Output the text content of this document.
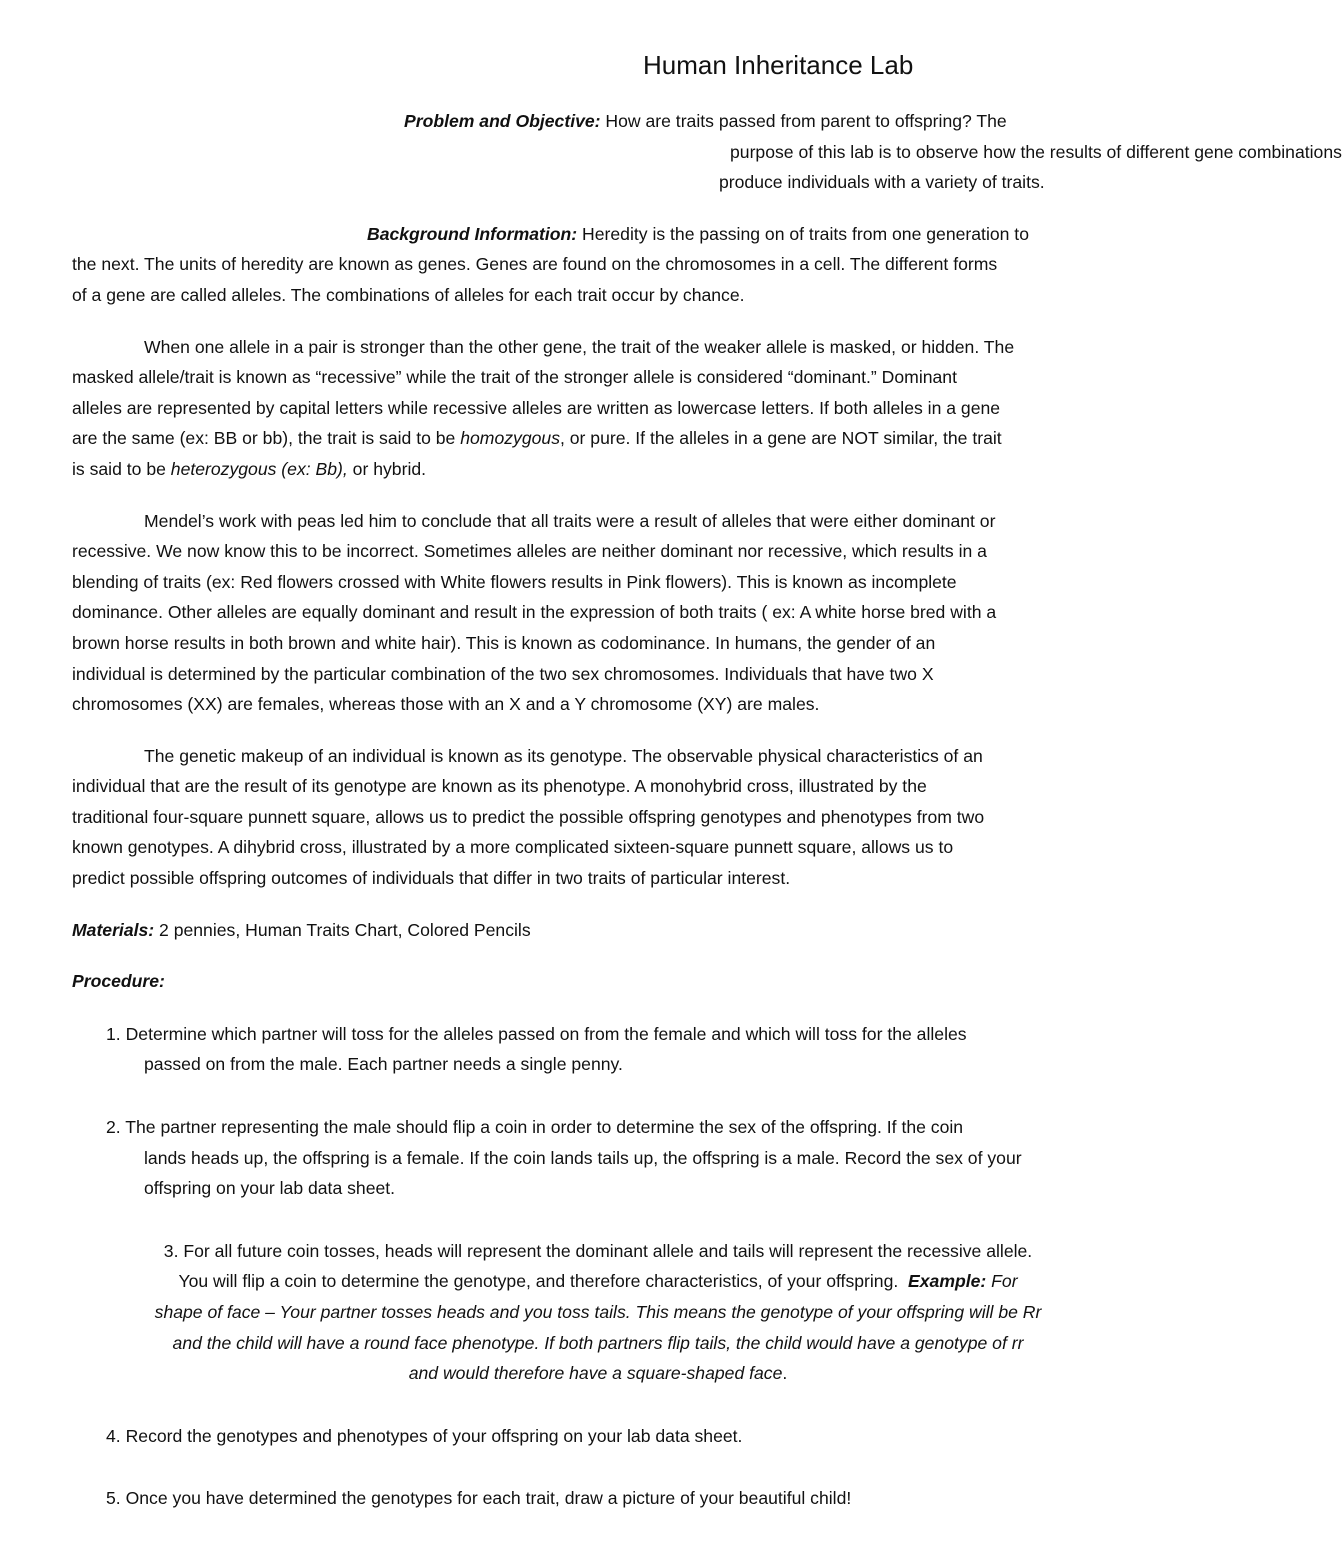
Human Inheritance Lab

Problem and Objective: How are traits passed from parent to offspring? The
purpose of this lab is to observe how the results of different gene combinations
produce individuals with a variety of traits.

Background Information: Heredity is the passing on of traits from one generation to
the next. The units of heredity are known as genes. Genes are found on the chromosomes in a cell. The different forms
of a gene are called alleles. The combinations of alleles for each trait occur by chance.

When one allele in a pair is stronger than the other gene, the trait of the weaker allele is masked, or hidden. The
masked allele/trait is known as “recessive” while the trait of the stronger allele is considered “dominant.” Dominant
alleles are represented by capital letters while recessive alleles are written as lowercase letters. If both alleles in a gene
are the same (ex: BB or bb), the trait is said to be homozygous, or pure. If the alleles in a gene are NOT similar, the trait
is said to be heterozygous (ex: Bb), or hybrid.

Mendel’s work with peas led him to conclude that all traits were a result of alleles that were either dominant or
recessive. We now know this to be incorrect. Sometimes alleles are neither dominant nor recessive, which results in a
blending of traits (ex: Red flowers crossed with White flowers results in Pink flowers). This is known as incomplete
dominance. Other alleles are equally dominant and result in the expression of both traits ( ex: A white horse bred with a
brown horse results in both brown and white hair). This is known as codominance. In humans, the gender of an
individual is determined by the particular combination of the two sex chromosomes. Individuals that have two X
chromosomes (XX) are females, whereas those with an X and a Y chromosome (XY) are males.

The genetic makeup of an individual is known as its genotype. The observable physical characteristics of an
individual that are the result of its genotype are known as its phenotype. A monohybrid cross, illustrated by the
traditional four-square punnett square, allows us to predict the possible offspring genotypes and phenotypes from two
known genotypes. A dihybrid cross, illustrated by a more complicated sixteen-square punnett square, allows us to
predict possible offspring outcomes of individuals that differ in two traits of particular interest.

Materials: 2 pennies, Human Traits Chart, Colored Pencils

Procedure:

1. Determine which partner will toss for the alleles passed on from the female and which will toss for the alleles
passed on from the male. Each partner needs a single penny.

2. The partner representing the male should flip a coin in order to determine the sex of the offspring. If the coin
lands heads up, the offspring is a female. If the coin lands tails up, the offspring is a male. Record the sex of your
offspring on your lab data sheet.

3. For all future coin tosses, heads will represent the dominant allele and tails will represent the recessive allele.
You will flip a coin to determine the genotype, and therefore characteristics, of your offspring. Example: For
shape of face – Your partner tosses heads and you toss tails. This means the genotype of your offspring will be Rr
and the child will have a round face phenotype. If both partners flip tails, the child would have a genotype of rr
and would therefore have a square-shaped face.

4. Record the genotypes and phenotypes of your offspring on your lab data sheet.

5. Once you have determined the genotypes for each trait, draw a picture of your beautiful child!
